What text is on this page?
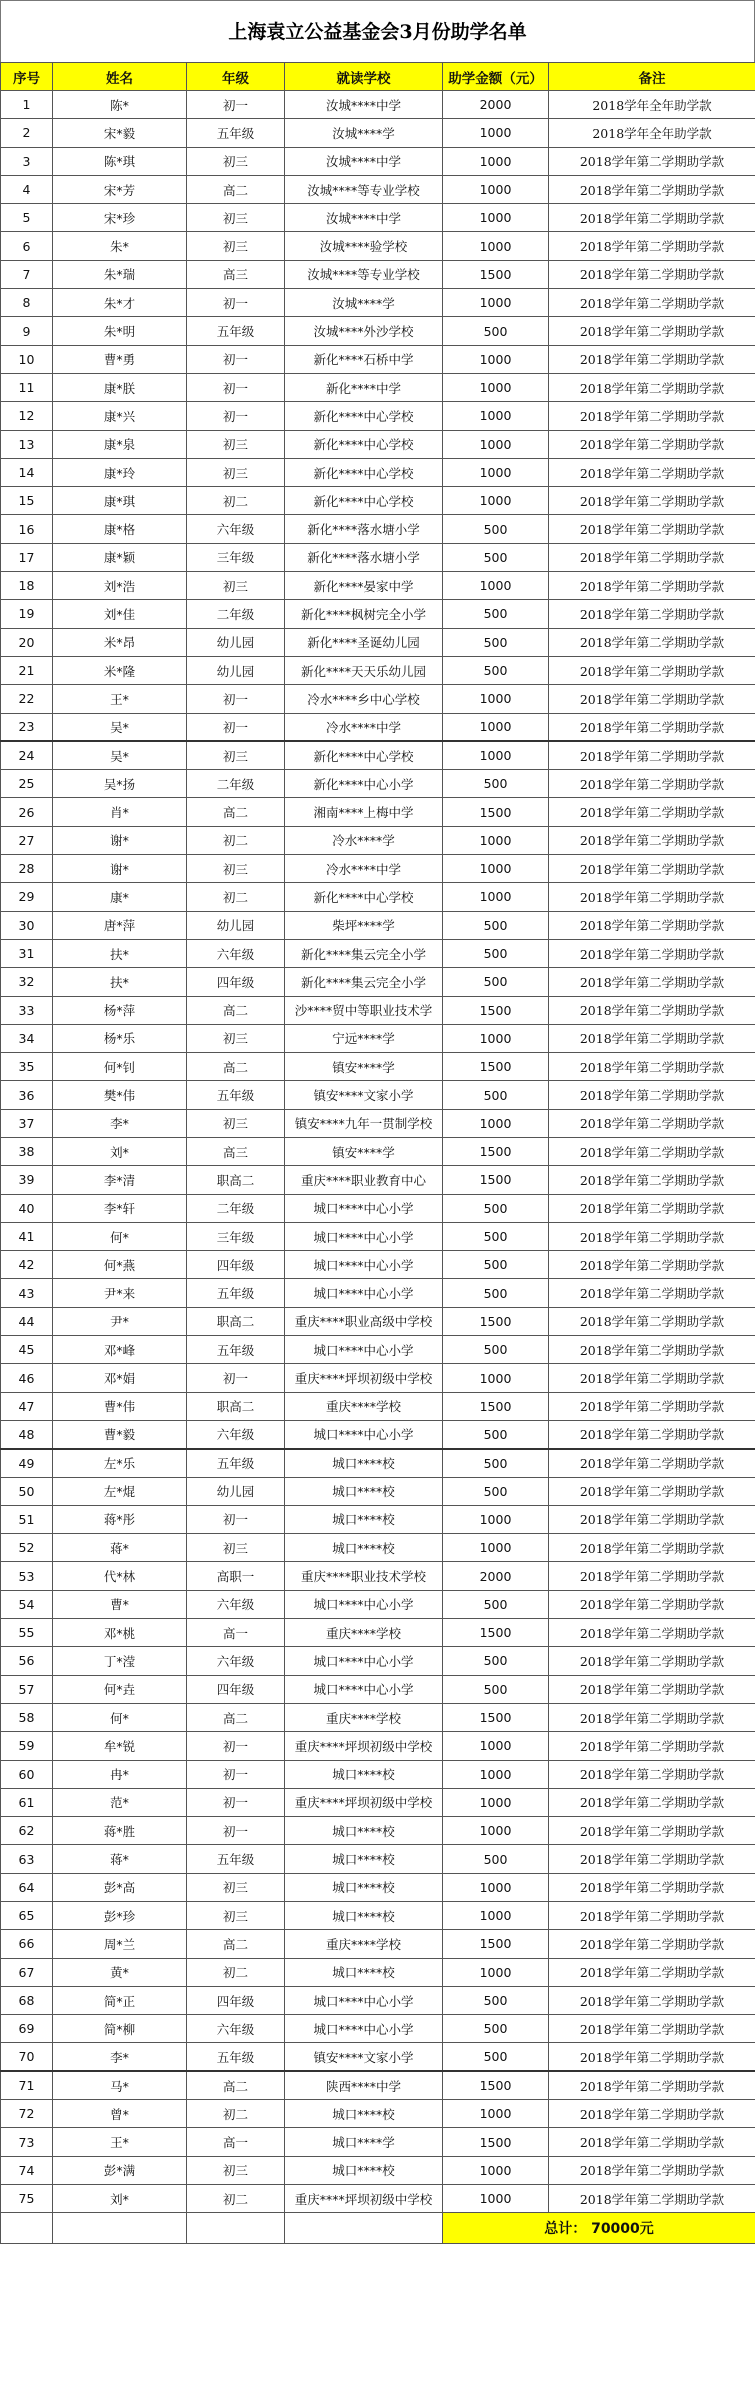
上海袁立公益基金会3月份助学名单
序号	姓名	年级	就读学校	助学金额（元）	备注
1	陈*	初一	汝城****中学	2000	2018学年全年助学款
2	宋*毅	五年级	汝城****学	1000	2018学年全年助学款
3	陈*琪	初三	汝城****中学	1000	2018学年第二学期助学款
4	宋*芳	高二	汝城****等专业学校	1000	2018学年第二学期助学款
5	宋*珍	初三	汝城****中学	1000	2018学年第二学期助学款
6	朱*	初三	汝城****验学校	1000	2018学年第二学期助学款
7	朱*瑞	高三	汝城****等专业学校	1500	2018学年第二学期助学款
8	朱*才	初一	汝城****学	1000	2018学年第二学期助学款
9	朱*明	五年级	汝城****外沙学校	500	2018学年第二学期助学款
10	曹*勇	初一	新化****石桥中学	1000	2018学年第二学期助学款
11	康*朕	初一	新化****中学	1000	2018学年第二学期助学款
12	康*兴	初一	新化****中心学校	1000	2018学年第二学期助学款
13	康*泉	初三	新化****中心学校	1000	2018学年第二学期助学款
14	康*玲	初三	新化****中心学校	1000	2018学年第二学期助学款
15	康*琪	初二	新化****中心学校	1000	2018学年第二学期助学款
16	康*格	六年级	新化****落水塘小学	500	2018学年第二学期助学款
17	康*颖	三年级	新化****落水塘小学	500	2018学年第二学期助学款
18	刘*浩	初三	新化****晏家中学	1000	2018学年第二学期助学款
19	刘*佳	二年级	新化****枫树完全小学	500	2018学年第二学期助学款
20	米*昂	幼儿园	新化****圣诞幼儿园	500	2018学年第二学期助学款
21	米*隆	幼儿园	新化****天天乐幼儿园	500	2018学年第二学期助学款
22	王*	初一	冷水****乡中心学校	1000	2018学年第二学期助学款
23	吴*	初一	冷水****中学	1000	2018学年第二学期助学款
24	吴*	初三	新化****中心学校	1000	2018学年第二学期助学款
25	吴*扬	二年级	新化****中心小学	500	2018学年第二学期助学款
26	肖*	高二	湘南****上梅中学	1500	2018学年第二学期助学款
27	谢*	初二	冷水****学	1000	2018学年第二学期助学款
28	谢*	初三	冷水****中学	1000	2018学年第二学期助学款
29	康*	初二	新化****中心学校	1000	2018学年第二学期助学款
30	唐*萍	幼儿园	柴坪****学	500	2018学年第二学期助学款
31	扶*	六年级	新化****集云完全小学	500	2018学年第二学期助学款
32	扶*	四年级	新化****集云完全小学	500	2018学年第二学期助学款
33	杨*萍	高二	沙****贸中等职业技术学	1500	2018学年第二学期助学款
34	杨*乐	初三	宁远****学	1000	2018学年第二学期助学款
35	何*钊	高二	镇安****学	1500	2018学年第二学期助学款
36	樊*伟	五年级	镇安****文家小学	500	2018学年第二学期助学款
37	李*	初三	镇安****九年一贯制学校	1000	2018学年第二学期助学款
38	刘*	高三	镇安****学	1500	2018学年第二学期助学款
39	李*清	职高二	重庆****职业教育中心	1500	2018学年第二学期助学款
40	李*轩	二年级	城口****中心小学	500	2018学年第二学期助学款
41	何*	三年级	城口****中心小学	500	2018学年第二学期助学款
42	何*燕	四年级	城口****中心小学	500	2018学年第二学期助学款
43	尹*来	五年级	城口****中心小学	500	2018学年第二学期助学款
44	尹*	职高二	重庆****职业高级中学校	1500	2018学年第二学期助学款
45	邓*峰	五年级	城口****中心小学	500	2018学年第二学期助学款
46	邓*娟	初一	重庆****坪坝初级中学校	1000	2018学年第二学期助学款
47	曹*伟	职高二	重庆****学校	1500	2018学年第二学期助学款
48	曹*毅	六年级	城口****中心小学	500	2018学年第二学期助学款
49	左*乐	五年级	城口****校	500	2018学年第二学期助学款
50	左*焜	幼儿园	城口****校	500	2018学年第二学期助学款
51	蒋*彤	初一	城口****校	1000	2018学年第二学期助学款
52	蒋*	初三	城口****校	1000	2018学年第二学期助学款
53	代*林	高职一	重庆****职业技术学校	2000	2018学年第二学期助学款
54	曹*	六年级	城口****中心小学	500	2018学年第二学期助学款
55	邓*桃	高一	重庆****学校	1500	2018学年第二学期助学款
56	丁*滢	六年级	城口****中心小学	500	2018学年第二学期助学款
57	何*垚	四年级	城口****中心小学	500	2018学年第二学期助学款
58	何*	高二	重庆****学校	1500	2018学年第二学期助学款
59	牟*锐	初一	重庆****坪坝初级中学校	1000	2018学年第二学期助学款
60	冉*	初一	城口****校	1000	2018学年第二学期助学款
61	范*	初一	重庆****坪坝初级中学校	1000	2018学年第二学期助学款
62	蒋*胜	初一	城口****校	1000	2018学年第二学期助学款
63	蒋*	五年级	城口****校	500	2018学年第二学期助学款
64	彭*高	初三	城口****校	1000	2018学年第二学期助学款
65	彭*珍	初三	城口****校	1000	2018学年第二学期助学款
66	周*兰	高二	重庆****学校	1500	2018学年第二学期助学款
67	黄*	初二	城口****校	1000	2018学年第二学期助学款
68	简*正	四年级	城口****中心小学	500	2018学年第二学期助学款
69	简*柳	六年级	城口****中心小学	500	2018学年第二学期助学款
70	李*	五年级	镇安****文家小学	500	2018学年第二学期助学款
71	马*	高二	陕西****中学	1500	2018学年第二学期助学款
72	曾*	初二	城口****校	1000	2018学年第二学期助学款
73	王*	高一	城口****学	1500	2018学年第二学期助学款
74	彭*满	初三	城口****校	1000	2018学年第二学期助学款
75	刘*	初二	重庆****坪坝初级中学校	1000	2018学年第二学期助学款
				总计： 70000元	
